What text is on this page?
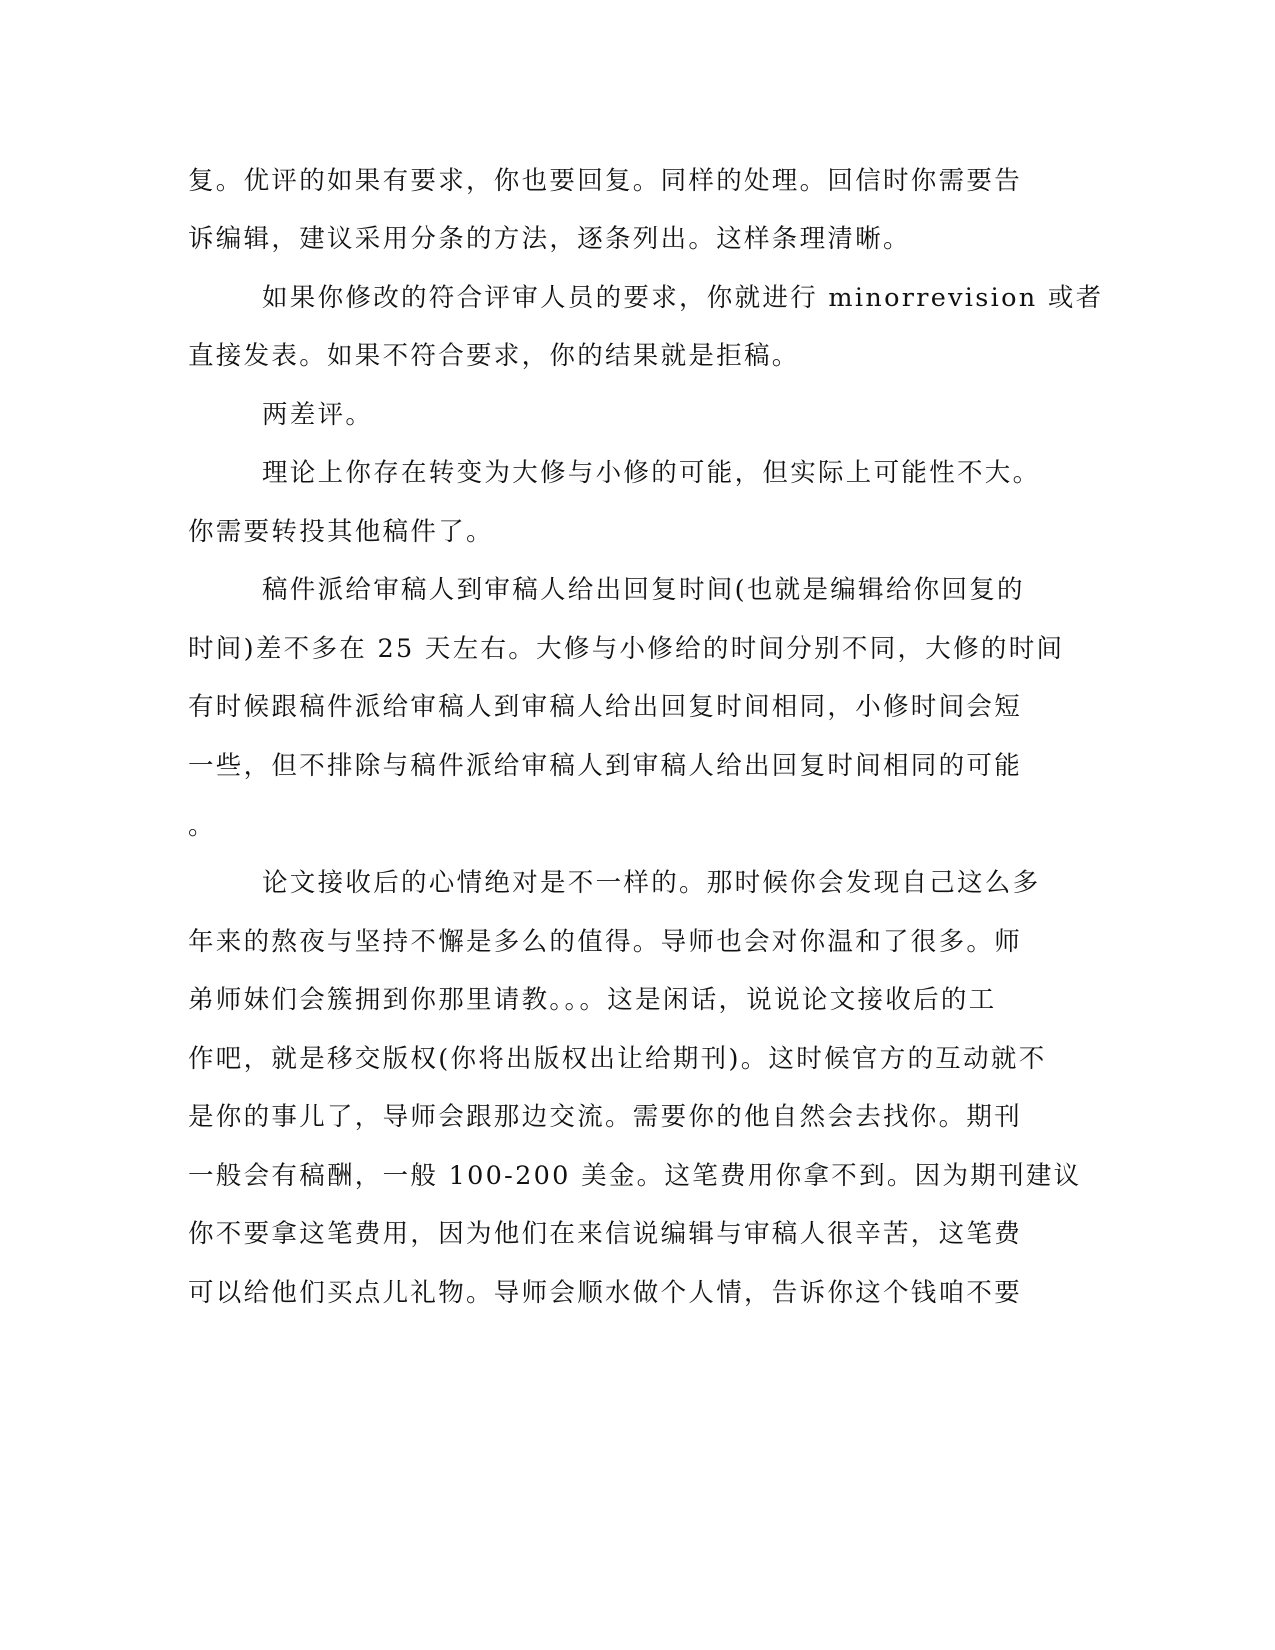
复。优评的如果有要求，你也要回复。同样的处理。回信时你需要告
诉编辑，建议采用分条的方法，逐条列出。这样条理清晰。
如果你修改的符合评审人员的要求，你就进行 minorrevision 或者
直接发表。如果不符合要求，你的结果就是拒稿。
两差评。
理论上你存在转变为大修与小修的可能，但实际上可能性不大。
你需要转投其他稿件了。
稿件派给审稿人到审稿人给出回复时间(也就是编辑给你回复的
时间)差不多在 25 天左右。大修与小修给的时间分别不同，大修的时间
有时候跟稿件派给审稿人到审稿人给出回复时间相同，小修时间会短
一些，但不排除与稿件派给审稿人到审稿人给出回复时间相同的可能
。
论文接收后的心情绝对是不一样的。那时候你会发现自己这么多
年来的熬夜与坚持不懈是多么的值得。导师也会对你温和了很多。师
弟师妹们会簇拥到你那里请教。。。这是闲话，说说论文接收后的工
作吧，就是移交版权(你将出版权出让给期刊)。这时候官方的互动就不
是你的事儿了，导师会跟那边交流。需要你的他自然会去找你。期刊
一般会有稿酬，一般 100-200 美金。这笔费用你拿不到。因为期刊建议
你不要拿这笔费用，因为他们在来信说编辑与审稿人很辛苦，这笔费
可以给他们买点儿礼物。导师会顺水做个人情，告诉你这个钱咱不要
